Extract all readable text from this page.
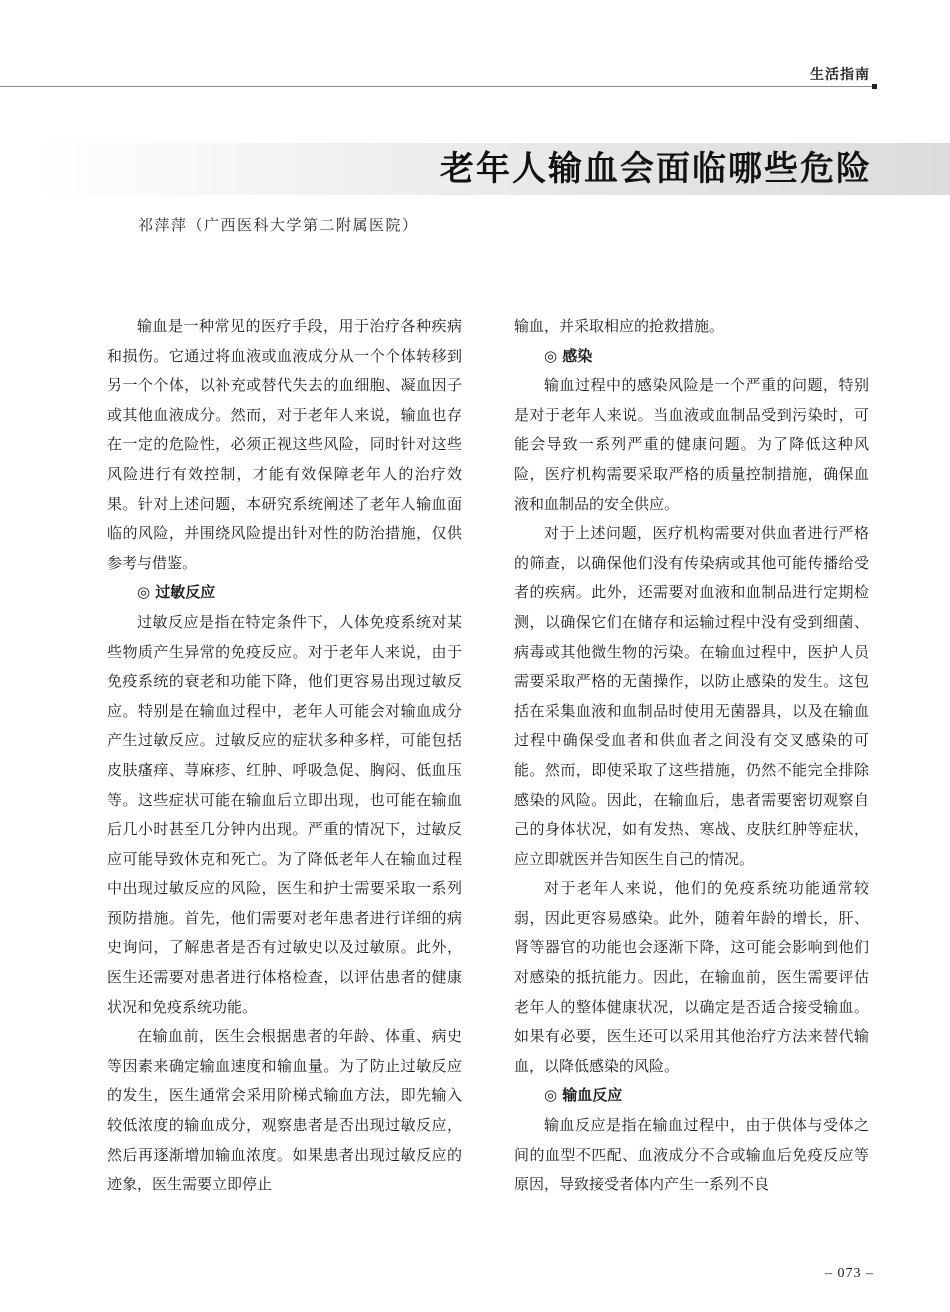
生活指南
老年人输血会面临哪些危险
祁萍萍（广西医科大学第二附属医院）

输血是一种常见的医疗手段，用于治疗各种疾病和损伤。它通过将血液或血液成分从一个个体转移到另一个个体，以补充或替代失去的血细胞、凝血因子或其他血液成分。然而，对于老年人来说，输血也存在一定的危险性，必须正视这些风险，同时针对这些风险进行有效控制，才能有效保障老年人的治疗效果。针对上述问题，本研究系统阐述了老年人输血面临的风险，并围绕风险提出针对性的防治措施，仅供参考与借鉴。

◎ 过敏反应

过敏反应是指在特定条件下，人体免疫系统对某些物质产生异常的免疫反应。对于老年人来说，由于免疫系统的衰老和功能下降，他们更容易出现过敏反应。特别是在输血过程中，老年人可能会对输血成分产生过敏反应。过敏反应的症状多种多样，可能包括皮肤瘙痒、荨麻疹、红肿、呼吸急促、胸闷、低血压等。这些症状可能在输血后立即出现，也可能在输血后几小时甚至几分钟内出现。严重的情况下，过敏反应可能导致休克和死亡。为了降低老年人在输血过程中出现过敏反应的风险，医生和护士需要采取一系列预防措施。首先，他们需要对老年患者进行详细的病史询问，了解患者是否有过敏史以及过敏原。此外，医生还需要对患者进行体格检查，以评估患者的健康状况和免疫系统功能。

在输血前，医生会根据患者的年龄、体重、病史等因素来确定输血速度和输血量。为了防止过敏反应的发生，医生通常会采用阶梯式输血方法，即先输入较低浓度的输血成分，观察患者是否出现过敏反应，然后再逐渐增加输血浓度。如果患者出现过敏反应的迹象，医生需要立即停止

输血，并采取相应的抢救措施。

◎ 感染

输血过程中的感染风险是一个严重的问题，特别是对于老年人来说。当血液或血制品受到污染时，可能会导致一系列严重的健康问题。为了降低这种风险，医疗机构需要采取严格的质量控制措施，确保血液和血制品的安全供应。

对于上述问题，医疗机构需要对供血者进行严格的筛查，以确保他们没有传染病或其他可能传播给受者的疾病。此外，还需要对血液和血制品进行定期检测，以确保它们在储存和运输过程中没有受到细菌、病毒或其他微生物的污染。在输血过程中，医护人员需要采取严格的无菌操作，以防止感染的发生。这包括在采集血液和血制品时使用无菌器具，以及在输血过程中确保受血者和供血者之间没有交叉感染的可能。然而，即使采取了这些措施，仍然不能完全排除感染的风险。因此，在输血后，患者需要密切观察自己的身体状况，如有发热、寒战、皮肤红肿等症状，应立即就医并告知医生自己的情况。

对于老年人来说，他们的免疫系统功能通常较弱，因此更容易感染。此外，随着年龄的增长，肝、肾等器官的功能也会逐渐下降，这可能会影响到他们对感染的抵抗能力。因此，在输血前，医生需要评估老年人的整体健康状况，以确定是否适合接受输血。如果有必要，医生还可以采用其他治疗方法来替代输血，以降低感染的风险。

◎ 输血反应

输血反应是指在输血过程中，由于供体与受体之间的血型不匹配、血液成分不合或输血后免疫反应等原因，导致接受者体内产生一系列不良

– 073 –
